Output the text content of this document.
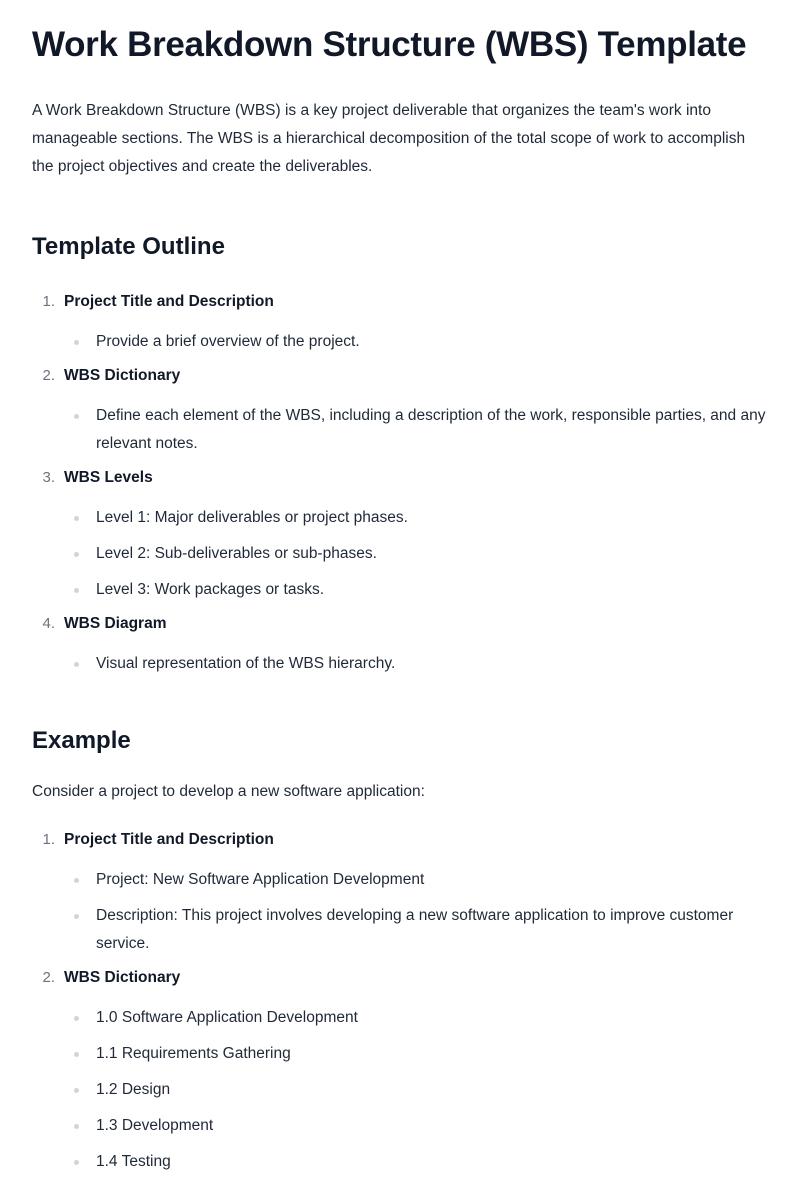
Work Breakdown Structure (WBS) Template

A Work Breakdown Structure (WBS) is a key project deliverable that organizes the team's work into manageable sections. The WBS is a hierarchical decomposition of the total scope of work to accomplish the project objectives and create the deliverables.

Template Outline
1. Project Title and Description
Provide a brief overview of the project.
2. WBS Dictionary
Define each element of the WBS, including a description of the work, responsible parties, and any relevant notes.
3. WBS Levels
Level 1: Major deliverables or project phases.
Level 2: Sub-deliverables or sub-phases.
Level 3: Work packages or tasks.
4. WBS Diagram
Visual representation of the WBS hierarchy.
Example

Consider a project to develop a new software application:

1. Project Title and Description
Project: New Software Application Development
Description: This project involves developing a new software application to improve customer service.
2. WBS Dictionary
1.0 Software Application Development
1.1 Requirements Gathering
1.2 Design
1.3 Development
1.4 Testing
